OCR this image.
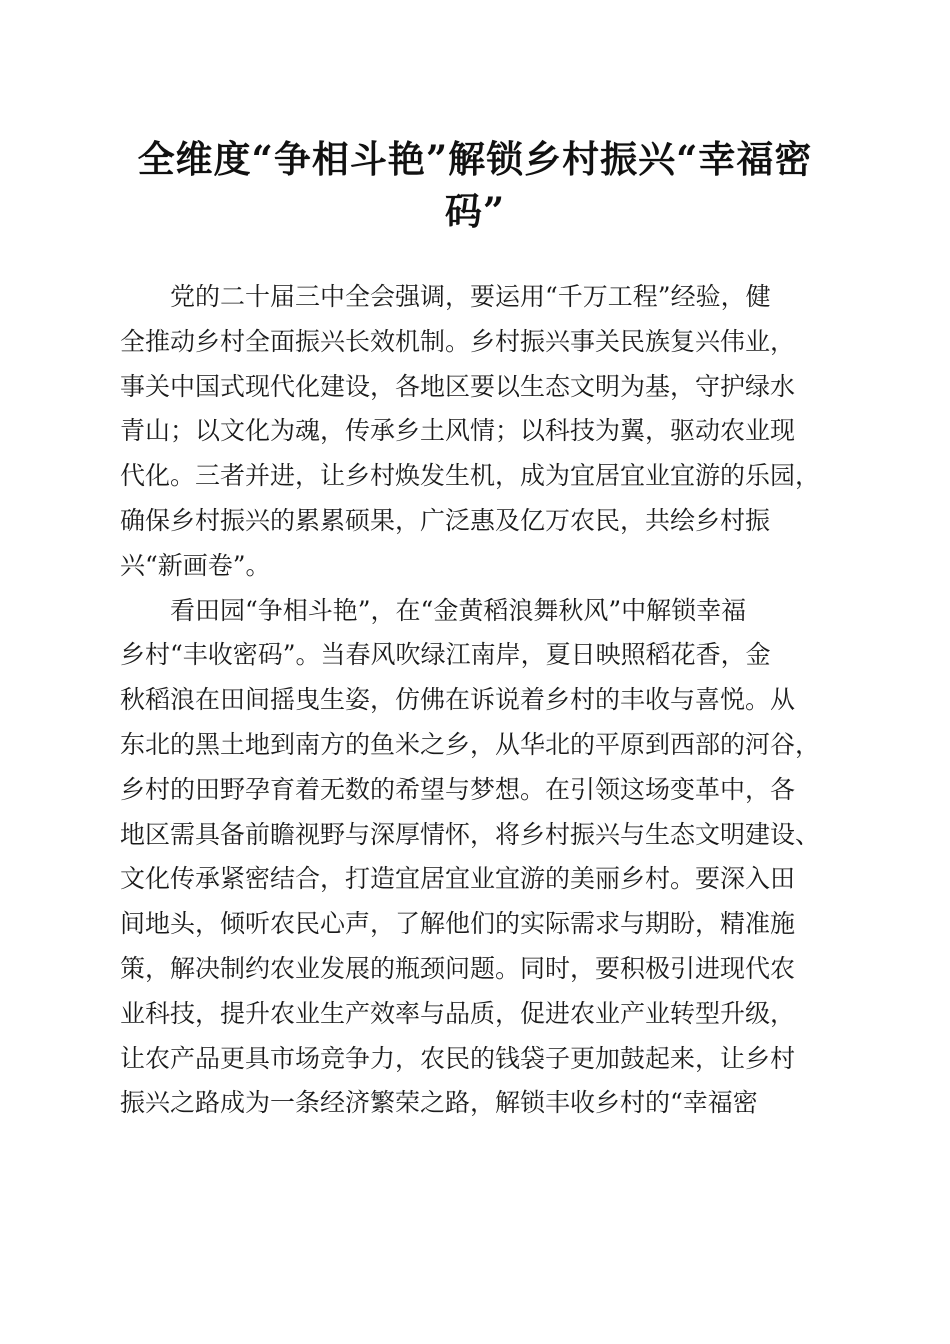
全维度“争相斗艳”解锁乡村振兴“幸福密
码”
党的二十届三中全会强调，要运用“千万工程”经验，健
全推动乡村全面振兴长效机制。乡村振兴事关民族复兴伟业，
事关中国式现代化建设，各地区要以生态文明为基，守护绿水
青山；以文化为魂，传承乡土风情；以科技为翼，驱动农业现
代化。三者并进，让乡村焕发生机，成为宜居宜业宜游的乐园，
确保乡村振兴的累累硕果，广泛惠及亿万农民，共绘乡村振
兴“新画卷”。
看田园“争相斗艳”，在“金黄稻浪舞秋风”中解锁幸福
乡村“丰收密码”。当春风吹绿江南岸，夏日映照稻花香，金
秋稻浪在田间摇曳生姿，仿佛在诉说着乡村的丰收与喜悦。从
东北的黑土地到南方的鱼米之乡，从华北的平原到西部的河谷，
乡村的田野孕育着无数的希望与梦想。在引领这场变革中，各
地区需具备前瞻视野与深厚情怀，将乡村振兴与生态文明建设、
文化传承紧密结合，打造宜居宜业宜游的美丽乡村。要深入田
间地头，倾听农民心声，了解他们的实际需求与期盼，精准施
策，解决制约农业发展的瓶颈问题。同时，要积极引进现代农
业科技，提升农业生产效率与品质，促进农业产业转型升级，
让农产品更具市场竞争力，农民的钱袋子更加鼓起来，让乡村
振兴之路成为一条经济繁荣之路，解锁丰收乡村的“幸福密
